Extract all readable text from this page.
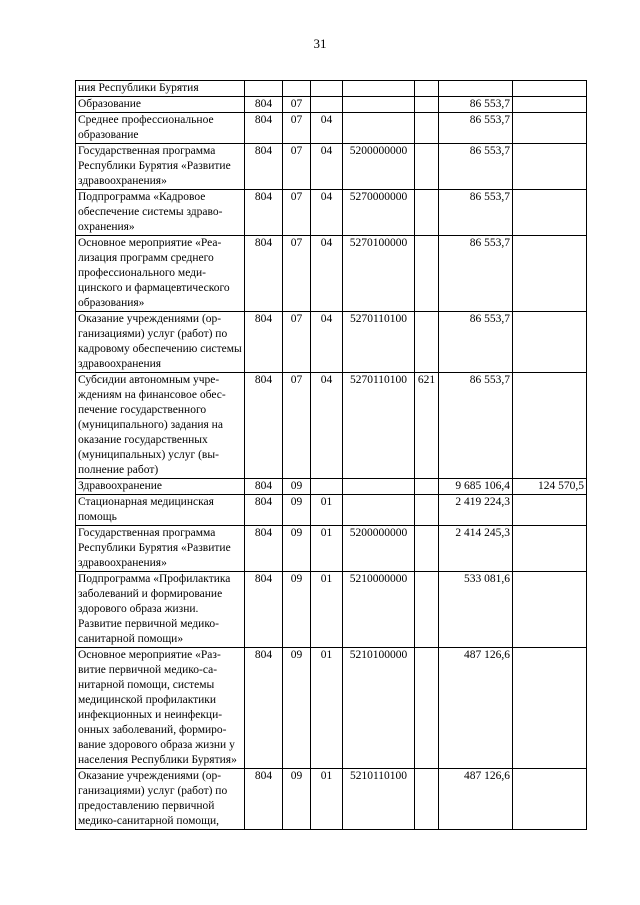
31
ния Республики Бурятия							
Образование	804	07				86 553,7	
Среднее профессиональное образование	804	07	04			86 553,7	
Государственная программа Республики Бурятия «Развитие здравоохранения»	804	07	04	5200000000		86 553,7	
Подпрограмма «Кадровое обеспечение системы здравоохранения»	804	07	04	5270000000		86 553,7	
Основное мероприятие «Реализация программ среднего профессионального медицинского и фармацевтического образования»	804	07	04	5270100000		86 553,7	
Оказание учреждениями (организациями) услуг (работ) по кадровому обеспечению системы здравоохранения	804	07	04	5270110100		86 553,7	
Субсидии автономным учреждениям на финансовое обеспечение государственного (муниципального) задания на оказание государственных (муниципальных) услуг (выполнение работ)	804	07	04	5270110100	621	86 553,7	
Здравоохранение	804	09				9 685 106,4	124 570,5
Стационарная медицинская помощь	804	09	01			2 419 224,3	
Государственная программа Республики Бурятия «Развитие здравоохранения»	804	09	01	5200000000		2 414 245,3	
Подпрограмма «Профилактика заболеваний и формирование здорового образа жизни. Развитие первичной медико-санитарной помощи»	804	09	01	5210000000		533 081,6	
Основное мероприятие «Развитие первичной медико-санитарной помощи, системы медицинской профилактики инфекционных и неинфекционных заболеваний, формирование здорового образа жизни у населения Республики Бурятия»	804	09	01	5210100000		487 126,6	
Оказание учреждениями (организациями) услуг (работ) по предоставлению первичной медико-санитарной помощи,	804	09	01	5210110100		487 126,6	
